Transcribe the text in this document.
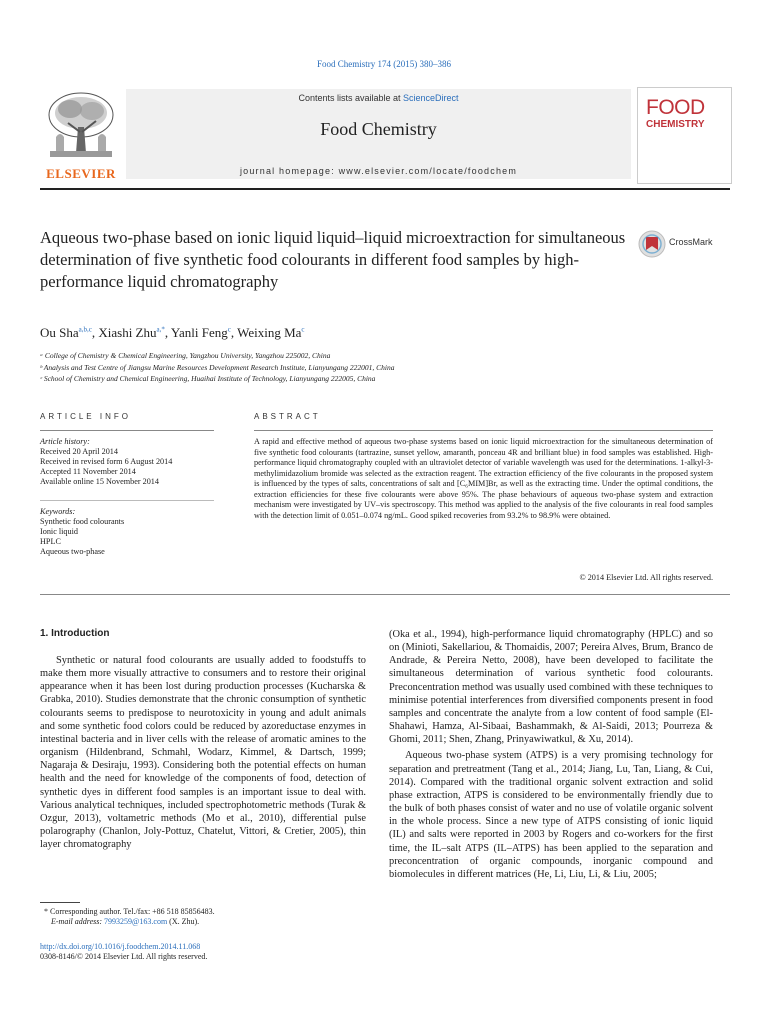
Food Chemistry 174 (2015) 380–386
ELSEVIER
Contents lists available at ScienceDirect
Food Chemistry
journal homepage: www.elsevier.com/locate/foodchem
FOOD
CHEMISTRY
Aqueous two-phase based on ionic liquid liquid–liquid microextraction for simultaneous determination of five synthetic food colourants in different food samples by high-performance liquid chromatography
CrossMark
Ou Sha$^{a,b,c}$, Xiashi Zhu$^{a,*}$, Yanli Feng$^c$, Weixing Ma$^c$
ᵃ College of Chemistry & Chemical Engineering, Yangzhou University, Yangzhou 225002, China
ᵇ Analysis and Test Centre of Jiangsu Marine Resources Development Research Institute, Lianyungang 222001, China
ᶜ School of Chemistry and Chemical Engineering, Huaihai Institute of Technology, Lianyungang 222005, China
ARTICLE INFO
Article history:
Received 20 April 2014
Received in revised form 6 August 2014
Accepted 11 November 2014
Available online 15 November 2014
Keywords:
Synthetic food colourants
Ionic liquid
HPLC
Aqueous two-phase
ABSTRACT
A rapid and effective method of aqueous two-phase systems based on ionic liquid microextraction for the simultaneous determination of five synthetic food colourants (tartrazine, sunset yellow, amaranth, ponceau 4R and brilliant blue) in food samples was established. High-performance liquid chromatography coupled with an ultraviolet detector of variable wavelength was used for the determinations. 1-alkyl-3-methylimidazolium bromide was selected as the extraction reagent. The extraction efficiency of the five colourants in the proposed system is influenced by the types of salts, concentrations of salt and [C₆MIM]Br, as well as the extracting time. Under the optimal conditions, the extraction efficiencies for these five colourants were above 95%. The phase behaviours of aqueous two-phase system and extraction mechanism were investigated by UV–vis spectroscopy. This method was applied to the analysis of the five colourants in real food samples with the detection limit of 0.051–0.074 ng/mL. Good spiked recoveries from 93.2% to 98.9% were obtained.
© 2014 Elsevier Ltd. All rights reserved.
1. Introduction

Synthetic or natural food colourants are usually added to foodstuffs to make them more visually attractive to consumers and to restore their original appearance when it has been lost during production processes (Kucharska & Grabka, 2010). Studies demonstrate that the chronic consumption of synthetic colourants seems to predispose to neurotoxicity in young and adult animals and some synthetic food colors could be reduced by azoreductase enzymes in intestinal bacteria and in liver cells with the release of aromatic amines to the organism (Hildenbrand, Schmahl, Wodarz, Kimmel, & Dartsch, 1999; Nagaraja & Desiraju, 1993). Considering both the potential effects on human health and the need for knowledge of the components of food, detection of synthetic dyes in different food samples is an important issue to deal with. Various analytical techniques, included spectrophotometric methods (Turak & Ozgur, 2013), voltametric methods (Mo et al., 2010), differential pulse polarography (Chanlon, Joly-Pottuz, Chatelut, Vittori, & Cretier, 2005), thin layer chromatography

* Corresponding author. Tel./fax: +86 518 85856483.
E-mail address: 7993259@163.com (X. Zhu).
http://dx.doi.org/10.1016/j.foodchem.2014.11.068
0308-8146/© 2014 Elsevier Ltd. All rights reserved.

(Oka et al., 1994), high-performance liquid chromatography (HPLC) and so on (Minioti, Sakellariou, & Thomaidis, 2007; Pereira Alves, Brum, Branco de Andrade, & Pereira Netto, 2008), have been developed to facilitate the simultaneous determination of various synthetic food colourants. Preconcentration method was usually used combined with these techniques to minimise potential interferences from diversified components present in food samples and concentrate the analyte from a low content of food sample (El-Shahawi, Hamza, Al-Sibaai, Bashammakh, & Al-Saidi, 2013; Pourreza & Ghomi, 2011; Shen, Zhang, Prinyawiwatkul, & Xu, 2014).

Aqueous two-phase system (ATPS) is a very promising technology for separation and pretreatment (Tang et al., 2014; Jiang, Lu, Tan, Liang, & Cui, 2014). Compared with the traditional organic solvent extraction and solid phase extraction, ATPS is considered to be environmentally friendly due to the bulk of both phases consist of water and no use of volatile organic solvent in the whole process. Since a new type of ATPS consisting of ionic liquid (IL) and salts were reported in 2003 by Rogers and co-workers for the first time, the IL–salt ATPS (IL–ATPS) has been applied to the separation and preconcentration of organic compounds, inorganic compound and biomolecules in different matrices (He, Li, Liu, Li, & Liu, 2005;
